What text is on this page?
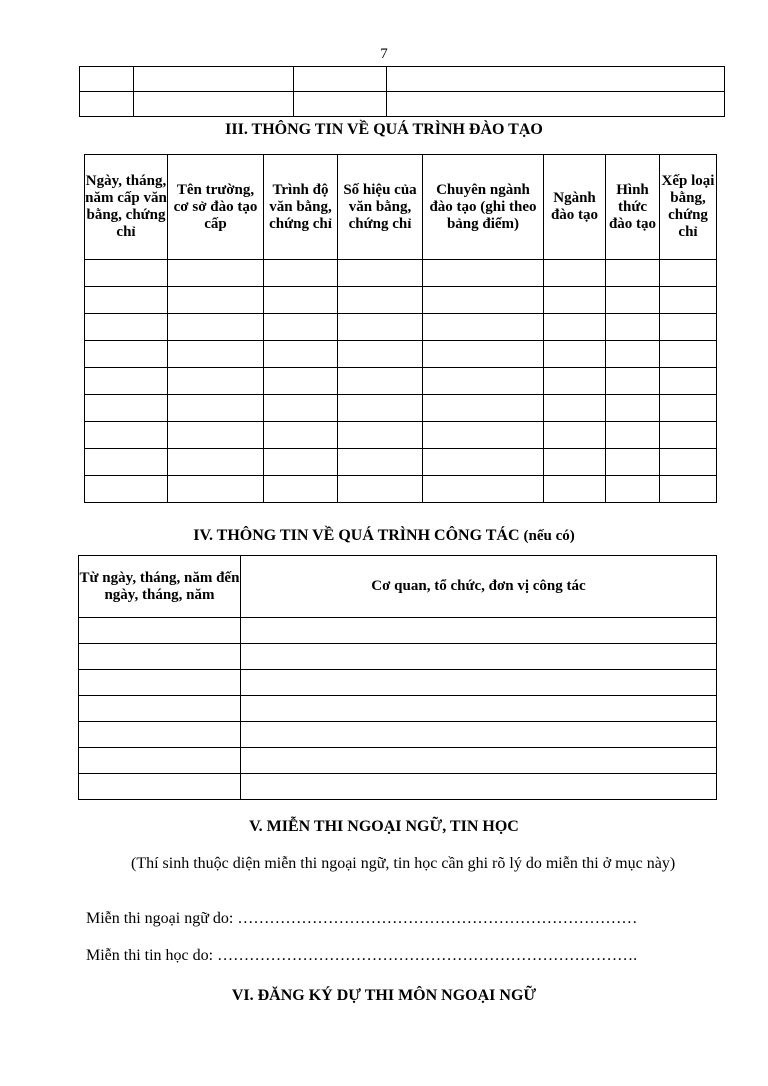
7

III. THÔNG TIN VỀ QUÁ TRÌNH ĐÀO TẠO
Ngày, tháng, năm cấp văn bằng, chứng chỉ	Tên trường, cơ sở đào tạo cấp	Trình độ văn bằng, chứng chỉ	Số hiệu của văn bằng, chứng chỉ	Chuyên ngành đào tạo (ghi theo bảng điểm)	Ngành đào tạo	Hình thức đào tạo	Xếp loại bằng, chứng chỉ

IV. THÔNG TIN VỀ QUÁ TRÌNH CÔNG TÁC (nếu có)
Từ ngày, tháng, năm đến ngày, tháng, năm	Cơ quan, tổ chức, đơn vị công tác

V. MIỄN THI NGOẠI NGỮ, TIN HỌC
(Thí sinh thuộc diện miễn thi ngoại ngữ, tin học cần ghi rõ lý do miễn thi ở mục này)
Miễn thi ngoại ngữ do: …………………………………………………………………
Miễn thi tin học do: …………………………………………………………………….
VI. ĐĂNG KÝ DỰ THI MÔN NGOẠI NGỮ
